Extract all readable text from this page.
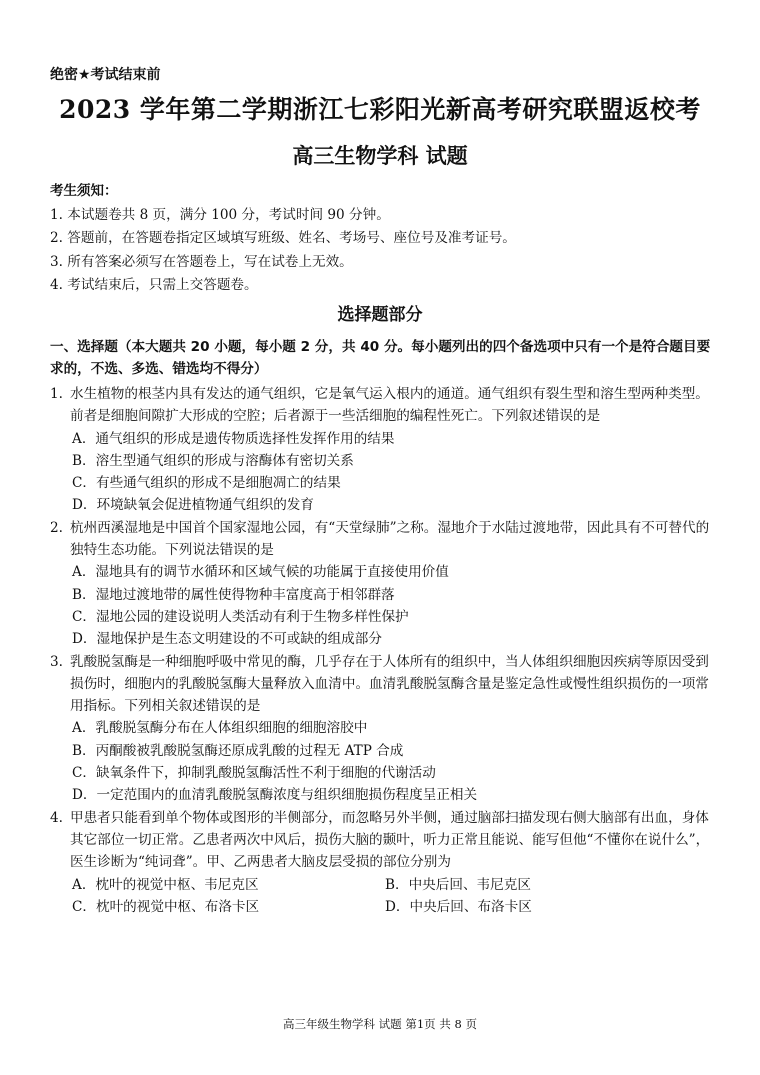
绝密★考试结束前
2023 学年第二学期浙江七彩阳光新高考研究联盟返校考
高三生物学科 试题
考生须知：
1. 本试题卷共 8 页，满分 100 分，考试时间 90 分钟。
2. 答题前，在答题卷指定区域填写班级、姓名、考场号、座位号及准考证号。
3. 所有答案必须写在答题卷上，写在试卷上无效。
4. 考试结束后，只需上交答题卷。
选择题部分
一、选择题（本大题共 20 小题，每小题 2 分，共 40 分。每小题列出的四个备选项中只有一个是符合题目要求的，不选、多选、错选均不得分）
1. 水生植物的根茎内具有发达的通气组织，它是氧气运入根内的通道。通气组织有裂生型和溶生型两种类型。前者是细胞间隙扩大形成的空腔；后者源于一些活细胞的编程性死亡。下列叙述错误的是
A．通气组织的形成是遗传物质选择性发挥作用的结果
B．溶生型通气组织的形成与溶酶体有密切关系
C．有些通气组织的形成不是细胞凋亡的结果
D．环境缺氧会促进植物通气组织的发育
2. 杭州西溪湿地是中国首个国家湿地公园，有“天堂绿肺”之称。湿地介于水陆过渡地带，因此具有不可替代的独特生态功能。下列说法错误的是
A．湿地具有的调节水循环和区域气候的功能属于直接使用价值
B．湿地过渡地带的属性使得物种丰富度高于相邻群落
C．湿地公园的建设说明人类活动有利于生物多样性保护
D．湿地保护是生态文明建设的不可或缺的组成部分
3. 乳酸脱氢酶是一种细胞呼吸中常见的酶，几乎存在于人体所有的组织中，当人体组织细胞因疾病等原因受到损伤时，细胞内的乳酸脱氢酶大量释放入血清中。血清乳酸脱氢酶含量是鉴定急性或慢性组织损伤的一项常用指标。下列相关叙述错误的是
A．乳酸脱氢酶分布在人体组织细胞的细胞溶胶中
B．丙酮酸被乳酸脱氢酶还原成乳酸的过程无 ATP 合成
C．缺氧条件下，抑制乳酸脱氢酶活性不利于细胞的代谢活动
D．一定范围内的血清乳酸脱氢酶浓度与组织细胞损伤程度呈正相关
4. 甲患者只能看到单个物体或图形的半侧部分，而忽略另外半侧，通过脑部扫描发现右侧大脑部有出血，身体其它部位一切正常。乙患者两次中风后，损伤大脑的颞叶，听力正常且能说、能写但他“不懂你在说什么”，医生诊断为“纯词聋”。甲、乙两患者大脑皮层受损的部位分别为
A．枕叶的视觉中枢、韦尼克区	B．中央后回、韦尼克区
C．枕叶的视觉中枢、布洛卡区	D．中央后回、布洛卡区
高三年级生物学科 试题 第1页 共 8 页
